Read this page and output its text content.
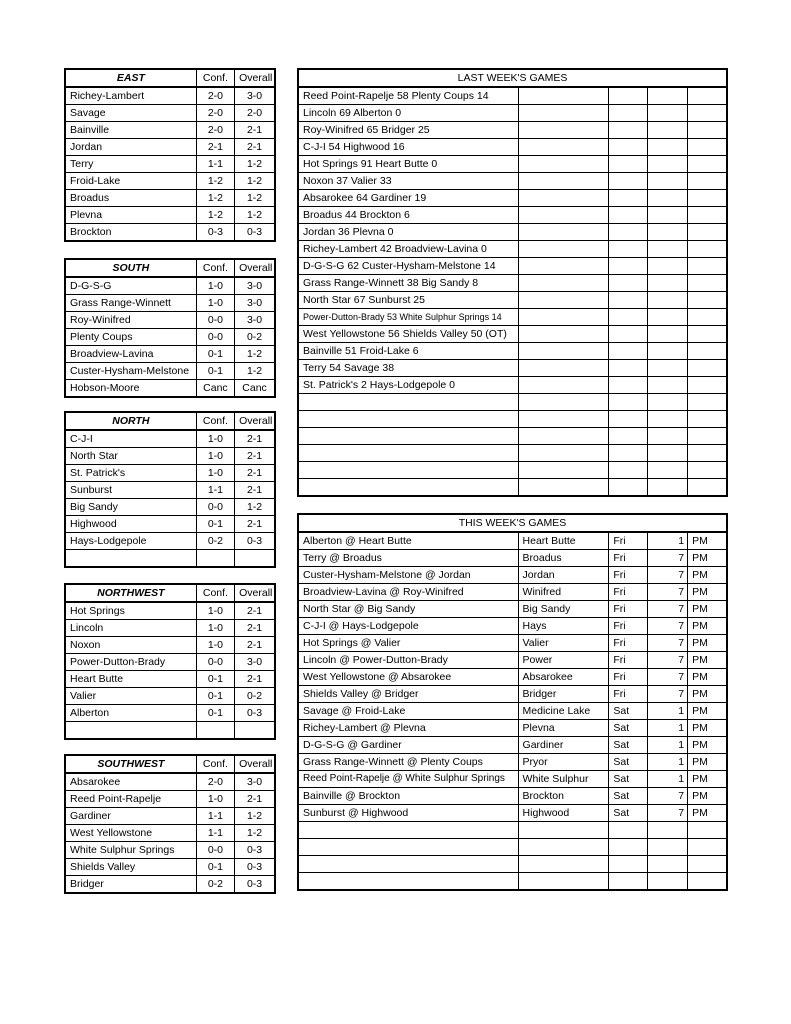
EAST	Conf.	Overall
Richey-Lambert	2-0	3-0
Savage	2-0	2-0
Bainville	2-0	2-1
Jordan	2-1	2-1
Terry	1-1	1-2
Froid-Lake	1-2	1-2
Broadus	1-2	1-2
Plevna	1-2	1-2
Brockton	0-3	0-3
SOUTH	Conf.	Overall
D-G-S-G	1-0	3-0
Grass Range-Winnett	1-0	3-0
Roy-Winifred	0-0	3-0
Plenty Coups	0-0	0-2
Broadview-Lavina	0-1	1-2
Custer-Hysham-Melstone	0-1	1-2
Hobson-Moore	Canc	Canc
NORTH	Conf.	Overall
C-J-I	1-0	2-1
North Star	1-0	2-1
St. Patrick's	1-0	2-1
Sunburst	1-1	2-1
Big Sandy	0-0	1-2
Highwood	0-1	2-1
Hays-Lodgepole	0-2	0-3

NORTHWEST	Conf.	Overall
Hot Springs	1-0	2-1
Lincoln	1-0	2-1
Noxon	1-0	2-1
Power-Dutton-Brady	0-0	3-0
Heart Butte	0-1	2-1
Valier	0-1	0-2
Alberton	0-1	0-3

SOUTHWEST	Conf.	Overall
Absarokee	2-0	3-0
Reed Point-Rapelje	1-0	2-1
Gardiner	1-1	1-2
West Yellowstone	1-1	1-2
White Sulphur Springs	0-0	0-3
Shields Valley	0-1	0-3
Bridger	0-2	0-3
LAST WEEK'S GAMES				
Reed Point-Rapelje 58 Plenty Coups 14				
Lincoln 69 Alberton 0				
Roy-Winifred 65 Bridger 25				
C-J-I 54 Highwood 16				
Hot Springs 91 Heart Butte 0				
Noxon 37 Valier 33				
Absarokee 64 Gardiner 19				
Broadus 44 Brockton 6				
Jordan 36 Plevna 0				
Richey-Lambert 42 Broadview-Lavina 0				
D-G-S-G 62 Custer-Hysham-Melstone 14				
Grass Range-Winnett 38 Big Sandy 8				
North Star 67 Sunburst 25				
Power-Dutton-Brady 53 White Sulphur Springs 14				
West Yellowstone 56 Shields Valley 50 (OT)				
Bainville 51 Froid-Lake 6				
Terry 54 Savage 38				
St. Patrick's 2 Hays-Lodgepole 0				

THIS WEEK'S GAMES				
Alberton @ Heart Butte	Heart Butte	Fri	1	PM
Terry @ Broadus	Broadus	Fri	7	PM
Custer-Hysham-Melstone @ Jordan	Jordan	Fri	7	PM
Broadview-Lavina @ Roy-Winifred	Winifred	Fri	7	PM
North Star @ Big Sandy	Big Sandy	Fri	7	PM
C-J-I @ Hays-Lodgepole	Hays	Fri	7	PM
Hot Springs @ Valier	Valier	Fri	7	PM
Lincoln @ Power-Dutton-Brady	Power	Fri	7	PM
West Yellowstone @ Absarokee	Absarokee	Fri	7	PM
Shields Valley @ Bridger	Bridger	Fri	7	PM
Savage @ Froid-Lake	Medicine Lake	Sat	1	PM
Richey-Lambert @ Plevna	Plevna	Sat	1	PM
D-G-S-G @ Gardiner	Gardiner	Sat	1	PM
Grass Range-Winnett @ Plenty Coups	Pryor	Sat	1	PM
Reed Point-Rapelje @ White Sulphur Springs	White Sulphur	Sat	1	PM
Bainville @ Brockton	Brockton	Sat	7	PM
Sunburst @ Highwood	Highwood	Sat	7	PM
